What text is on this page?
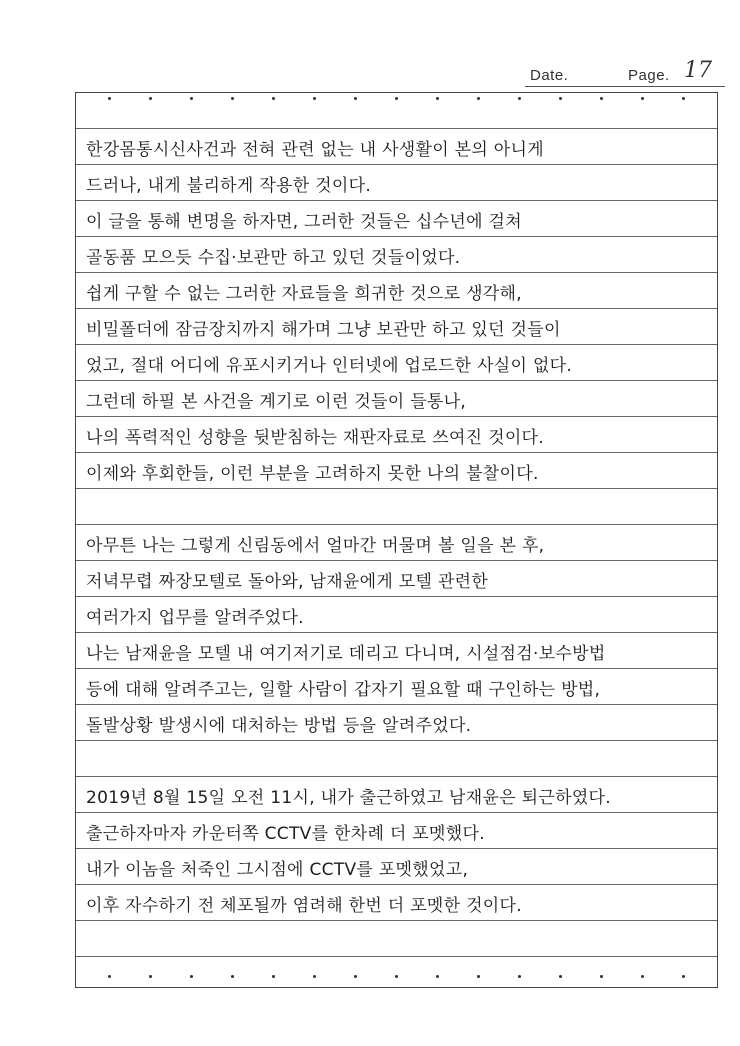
Date.	Page. 17
한강몸통시신사건과 전혀 관련 없는 내 사생활이 본의 아니게
드러나, 내게 불리하게 작용한 것이다.
이 글을 통해 변명을 하자면, 그러한 것들은 십수년에 걸쳐
골동품 모으듯 수집·보관만 하고 있던 것들이었다.
쉽게 구할 수 없는 그러한 자료들을 희귀한 것으로 생각해,
비밀폴더에 잠금장치까지 해가며 그냥 보관만 하고 있던 것들이
었고, 절대 어디에 유포시키거나 인터넷에 업로드한 사실이 없다.
그런데 하필 본 사건을 계기로 이런 것들이 들통나,
나의 폭력적인 성향을 뒷받침하는 재판자료로 쓰여진 것이다.
이제와 후회한들, 이런 부분을 고려하지 못한 나의 불찰이다.
아무튼 나는 그렇게 신림동에서 얼마간 머물며 볼 일을 본 후,
저녁무렵 짜장모텔로 돌아와, 남재윤에게 모텔 관련한
여러가지 업무를 알려주었다.
나는 남재윤을 모텔 내 여기저기로 데리고 다니며, 시설점검·보수방법
등에 대해 알려주고는, 일할 사람이 갑자기 필요할 때 구인하는 방법,
돌발상황 발생시에 대처하는 방법 등을 알려주었다.
2019년 8월 15일 오전 11시, 내가 출근하였고 남재윤은 퇴근하였다.
출근하자마자 카운터쪽 CCTV를 한차례 더 포멧했다.
내가 이놈을 처죽인 그시점에 CCTV를 포멧했었고,
이후 자수하기 전 체포될까 염려해 한번 더 포멧한 것이다.
